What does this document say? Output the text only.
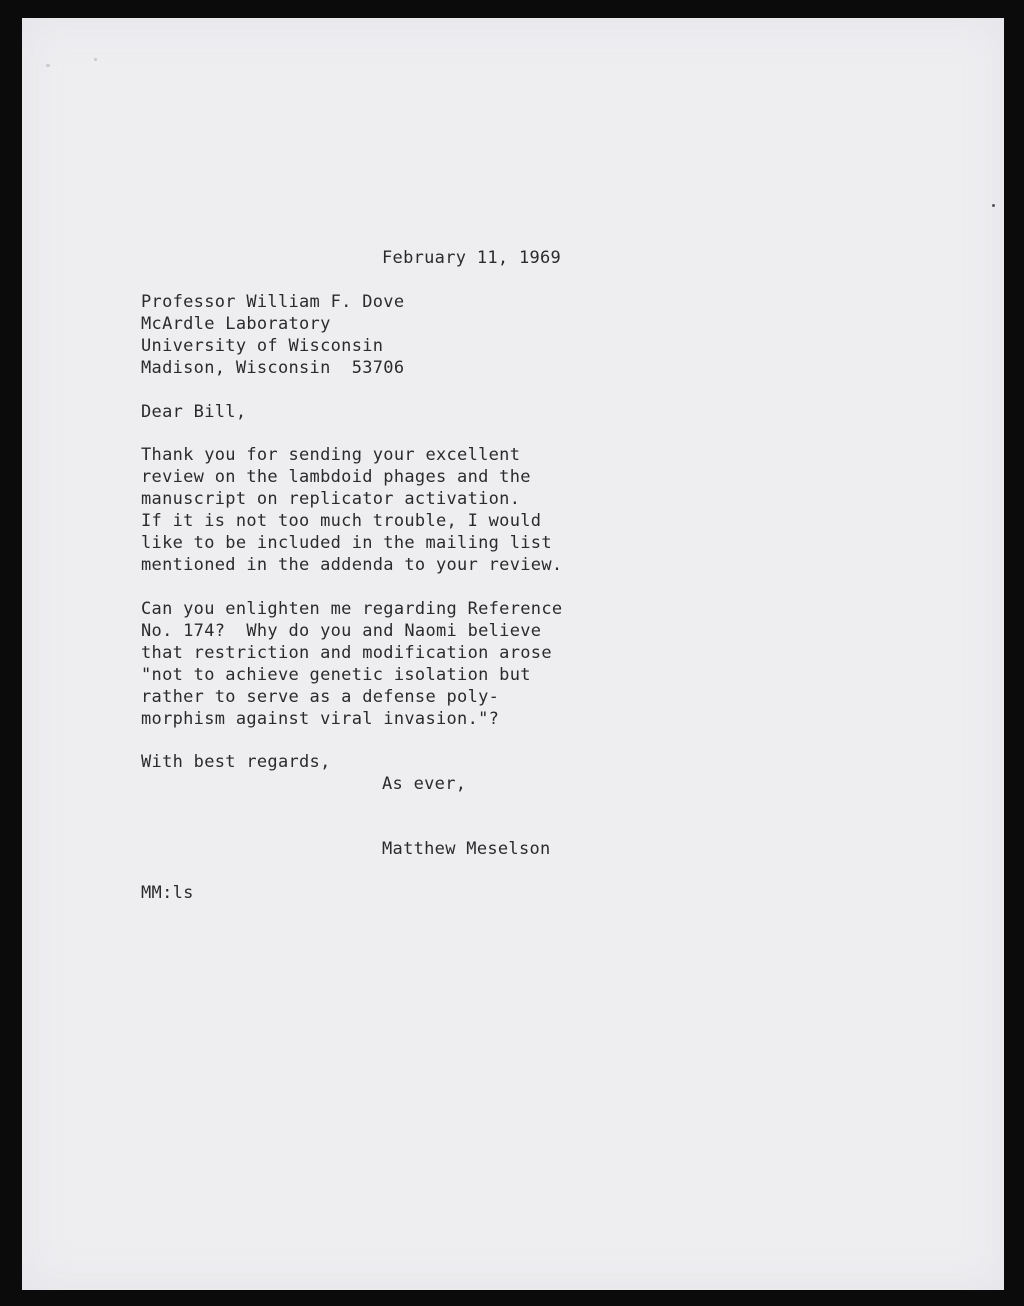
February 11, 1969

Professor William F. Dove

McArdle Laboratory

University of Wisconsin

Madison, Wisconsin  53706

Dear Bill,

Thank you for sending your excellent

review on the lambdoid phages and the

manuscript on replicator activation.

If it is not too much trouble, I would

like to be included in the mailing list

mentioned in the addenda to your review.

Can you enlighten me regarding Reference

No. 174?  Why do you and Naomi believe

that restriction and modification arose

"not to achieve genetic isolation but

rather to serve as a defense poly-

morphism against viral invasion."?

With best regards,

As ever,

Matthew Meselson

MM:ls
